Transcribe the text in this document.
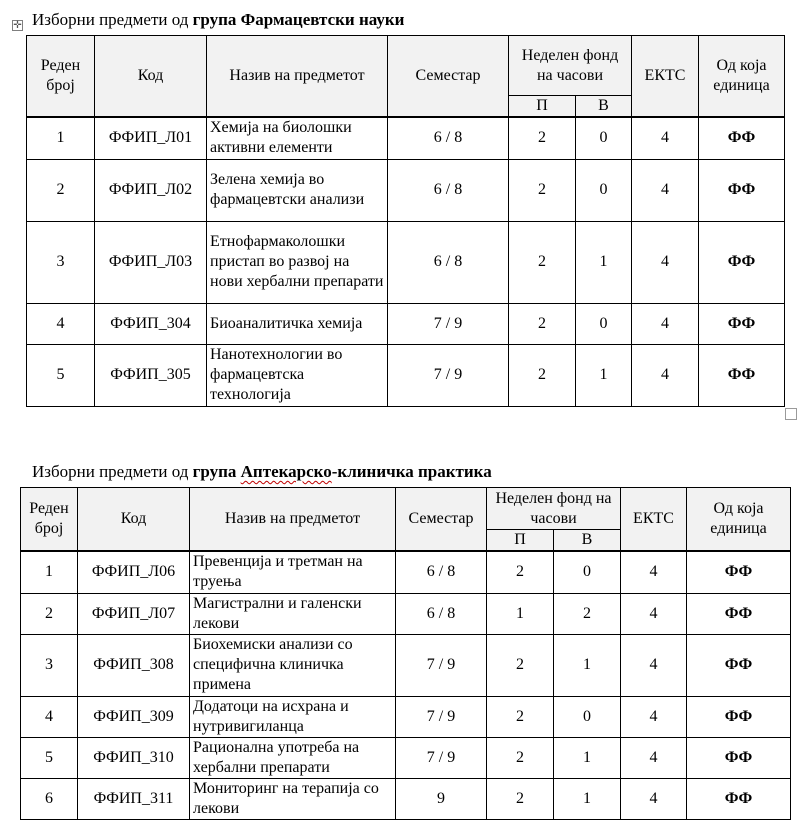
✛ Изборни предмети од група Фармацевтски науки
Реден број	Код	Назив на предметот	Семестар	Неделен фонд на часови		ЕКТС	Од која единица
				П	В		
1	ФФИП_Л01	Хемија на биолошки активни елементи	6 / 8	2	0	4	ФФ
2	ФФИП_Л02	Зелена хемија во фармацевтски анализи	6 / 8	2	0	4	ФФ
3	ФФИП_Л03	Етнофармаколошки пристап во развој на нови хербални препарати	6 / 8	2	1	4	ФФ
4	ФФИП_304	Биоаналитичка хемија	7 / 9	2	0	4	ФФ
5	ФФИП_305	Нанотехнологии во фармацевтска технологија	7 / 9	2	1	4	ФФ
Изборни предмети од група Аптекарско-клиничка практика
Реден број	Код	Назив на предметот	Семестар	Неделен фонд на часови		ЕКТС	Од која единица
				П	В		
1	ФФИП_Л06	Превенција и третман на труења	6 / 8	2	0	4	ФФ
2	ФФИП_Л07	Магистрални и галенски лекови	6 / 8	1	2	4	ФФ
3	ФФИП_308	Биохемиски анализи со специфична клиничка примена	7 / 9	2	1	4	ФФ
4	ФФИП_309	Додатоци на исхрана и нутривигиланца	7 / 9	2	0	4	ФФ
5	ФФИП_310	Рационална употреба на хербални препарати	7 / 9	2	1	4	ФФ
6	ФФИП_311	Мониторинг на терапија со лекови	9	2	1	4	ФФ
